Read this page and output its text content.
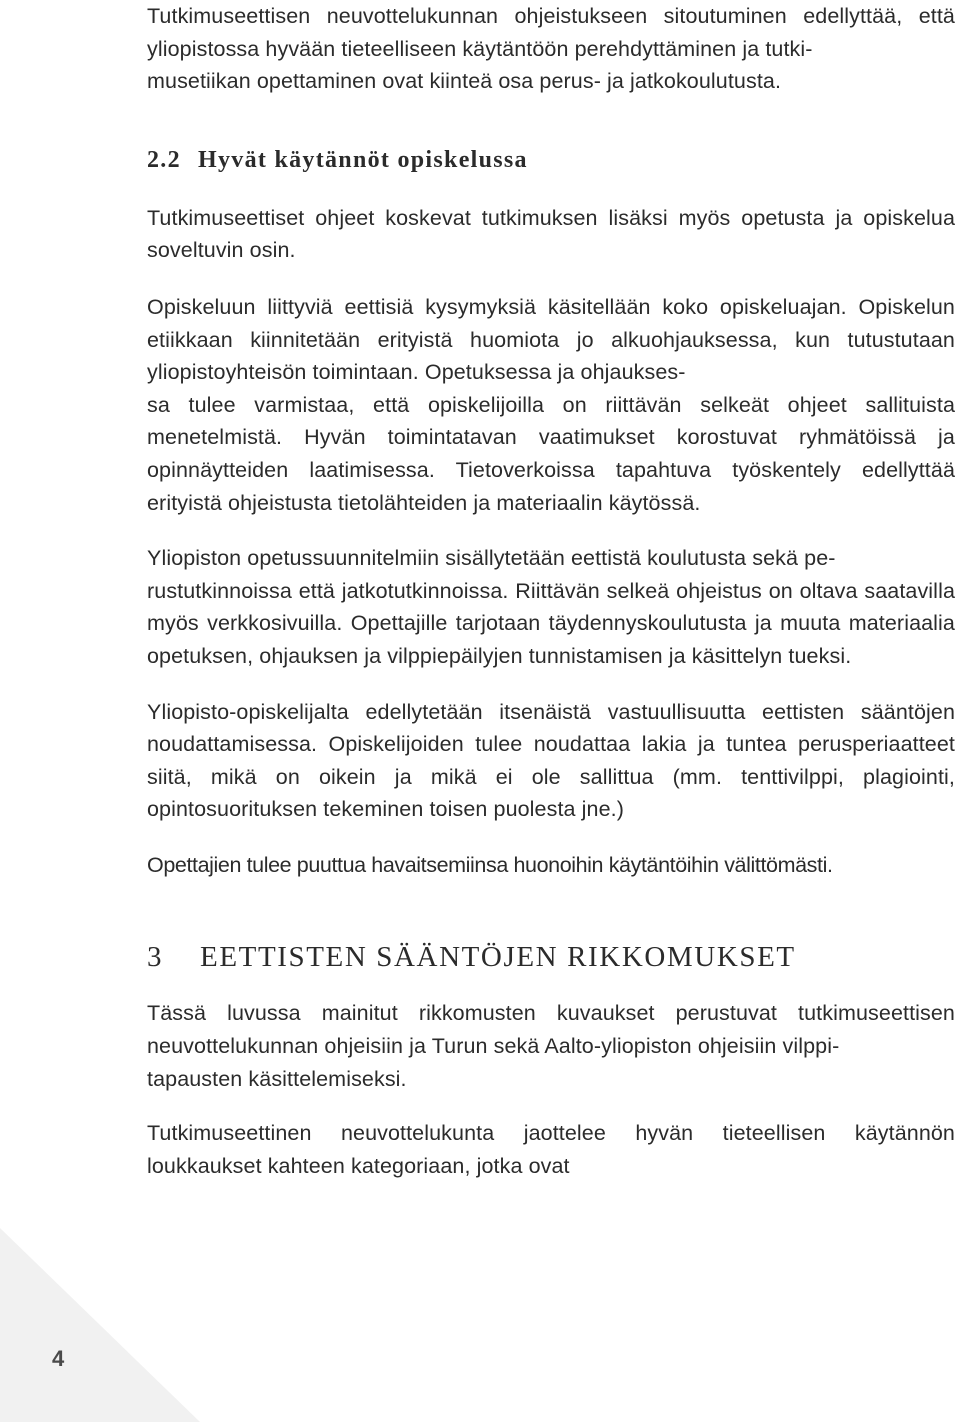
Tutkimuseettisen neuvottelukunnan ohjeistukseen sitoutuminen edellyttää, että yliopistossa hyvään tieteelliseen käytäntöön perehdyttäminen ja tutki-
musetiikan opettaminen ovat kiinteä osa perus- ja jatkokoulutusta.

2.2 Hyvät käytännöt opiskelussa

Tutkimuseettiset ohjeet koskevat tutkimuksen lisäksi myös opetusta ja opiskelua soveltuvin osin.

Opiskeluun liittyviä eettisiä kysymyksiä käsitellään koko opiskeluajan. Opiskelun etiikkaan kiinnitetään erityistä huomiota jo alkuohjauksessa, kun tutustutaan yliopistoyhteisön toimintaan. Opetuksessa ja ohjaukses-
sa tulee varmistaa, että opiskelijoilla on riittävän selkeät ohjeet sallituista menetelmistä. Hyvän toimintatavan vaatimukset korostuvat ryhmätöissä ja opinnäytteiden laatimisessa. Tietoverkoissa tapahtuva työskentely edellyttää erityistä ohjeistusta tietolähteiden ja materiaalin käytössä.

Yliopiston opetussuunnitelmiin sisällytetään eettistä koulutusta sekä pe-
rustutkinnoissa että jatkotutkinnoissa. Riittävän selkeä ohjeistus on oltava saatavilla myös verkkosivuilla. Opettajille tarjotaan täydennyskoulutusta ja muuta materiaalia opetuksen, ohjauksen ja vilppiepäilyjen tunnistamisen ja käsittelyn tueksi.

Yliopisto-opiskelijalta edellytetään itsenäistä vastuullisuutta eettisten sääntöjen noudattamisessa. Opiskelijoiden tulee noudattaa lakia ja tuntea perusperiaatteet siitä, mikä on oikein ja mikä ei ole sallittua (mm. tenttivilppi, plagiointi, opintosuorituksen tekeminen toisen puolesta jne.)

Opettajien tulee puuttua havaitsemiinsa huonoihin käytäntöihin välittömästi.

3 EETTISTEN SÄÄNTÖJEN RIKKOMUKSET

Tässä luvussa mainitut rikkomusten kuvaukset perustuvat tutkimuseettisen neuvottelukunnan ohjeisiin ja Turun sekä Aalto-yliopiston ohjeisiin vilppi-
tapausten käsittelemiseksi.

Tutkimuseettinen neuvottelukunta jaottelee hyvän tieteellisen käytännön loukkaukset kahteen kategoriaan, jotka ovat

4
